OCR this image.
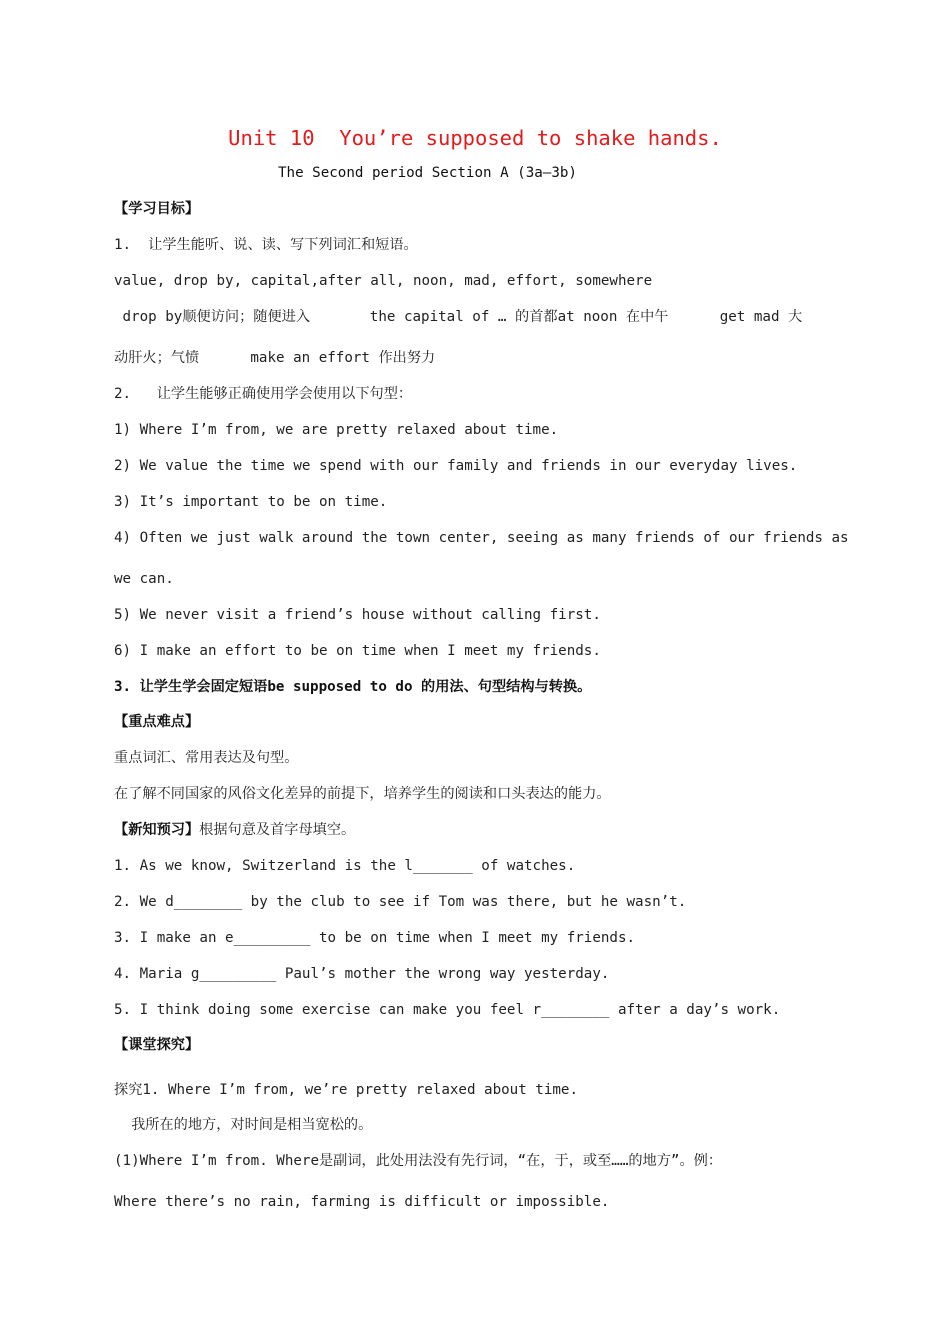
Unit 10  You’re supposed to shake hands.
The Second period Section A (3a—3b)
【学习目标】
1.  让学生能听、说、读、写下列词汇和短语。
value, drop by, capital,after all, noon, mad, effort, somewhere
drop by顺便访问；随便进入       the capital of … 的首都at noon 在中午      get mad 大
动肝火；气愤      make an effort 作出努力
2.   让学生能够正确使用学会使用以下句型：
1) Where I’m from, we are pretty relaxed about time.
2) We value the time we spend with our family and friends in our everyday lives.
3) It’s important to be on time.
4) Often we just walk around the town center, seeing as many friends of our friends as
we can.
5) We never visit a friend’s house without calling first.
6) I make an effort to be on time when I meet my friends.
3. 让学生学会固定短语be supposed to do 的用法、句型结构与转换。
【重点难点】
重点词汇、常用表达及句型。
在了解不同国家的风俗文化差异的前提下，培养学生的阅读和口头表达的能力。
【新知预习】根据句意及首字母填空。
1. As we know, Switzerland is the l_______ of watches.
2. We d________ by the club to see if Tom was there, but he wasn’t.
3. I make an e_________ to be on time when I meet my friends.
4. Maria g_________ Paul’s mother the wrong way yesterday.
5. I think doing some exercise can make you feel r________ after a day’s work.
【课堂探究】
探究1. Where I’m from, we’re pretty relaxed about time.
我所在的地方，对时间是相当宽松的。
(1)Where I’m from. Where是副词，此处用法没有先行词，“在，于，或至……的地方”。例：
Where there’s no rain, farming is difficult or impossible.
